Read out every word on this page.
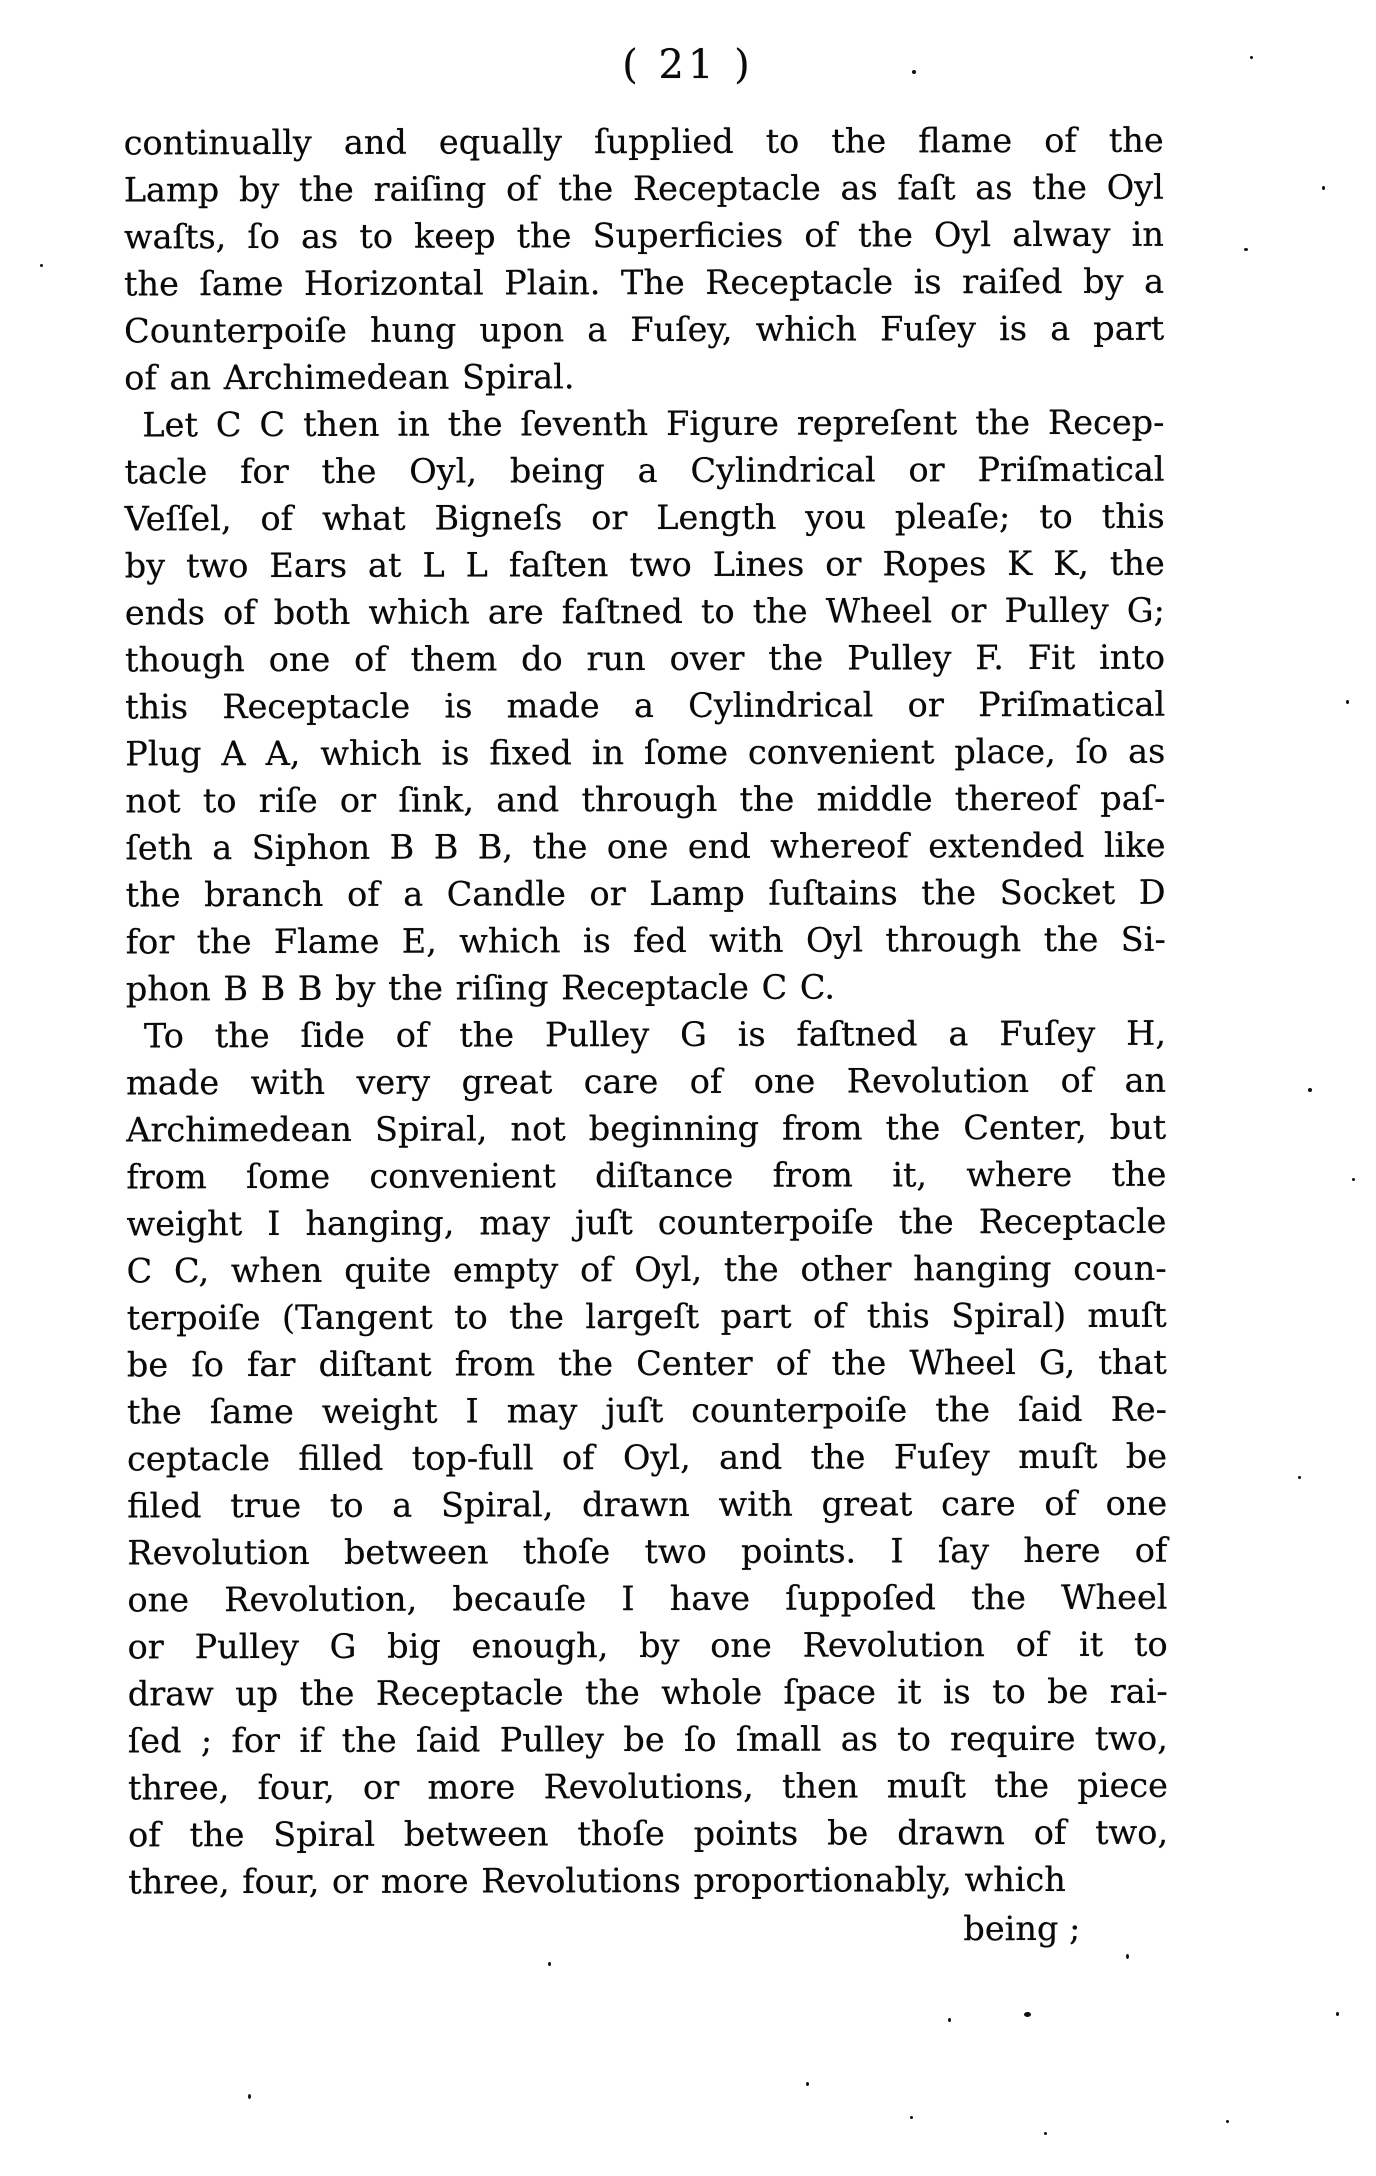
( 21 )
continually and equally ſupplied to the flame of the
Lamp by the raiſing of the Receptacle as faſt as the Oyl
waſts, ſo as to keep the Superficies of the Oyl alway in
the ſame Horizontal Plain. The Receptacle is raiſed by a
Counterpoiſe hung upon a Fuſey, which Fuſey is a part
of an Archimedean Spiral.
Let C C then in the ſeventh Figure repreſent the Recep-
tacle for the Oyl, being a Cylindrical or Priſmatical
Veſſel, of what Bigneſs or Length you pleaſe; to this
by two Ears at L L faſten two Lines or Ropes K K, the
ends of both which are faſtned to the Wheel or Pulley G;
though one of them do run over the Pulley F. Fit into
this Receptacle is made a Cylindrical or Priſmatical
Plug A A, which is fixed in ſome convenient place, ſo as
not to riſe or ſink, and through the middle thereof paſ-
ſeth a Siphon B B B, the one end whereof extended like
the branch of a Candle or Lamp ſuſtains the Socket D
for the Flame E, which is fed with Oyl through the Si-
phon B B B by the riſing Receptacle C C.
To the ſide of the Pulley G is faſtned a Fuſey H,
made with very great care of one Revolution of an
Archimedean Spiral, not beginning from the Center, but
from ſome convenient diſtance from it, where the
weight I hanging, may juſt counterpoiſe the Receptacle
C C, when quite empty of Oyl, the other hanging coun-
terpoiſe (Tangent to the largeſt part of this Spiral) muſt
be ſo far diſtant from the Center of the Wheel G, that
the ſame weight I may juſt counterpoiſe the ſaid Re-
ceptacle filled top-full of Oyl, and the Fuſey muſt be
filed true to a Spiral, drawn with great care of one
Revolution between thoſe two points. I ſay here of
one Revolution, becauſe I have ſuppoſed the Wheel
or Pulley G big enough, by one Revolution of it to
draw up the Receptacle the whole ſpace it is to be rai-
ſed ; for if the ſaid Pulley be ſo ſmall as to require two,
three, four, or more Revolutions, then muſt the piece
of the Spiral between thoſe points be drawn of two,
three, four, or more Revolutions proportionably, which
being ;
